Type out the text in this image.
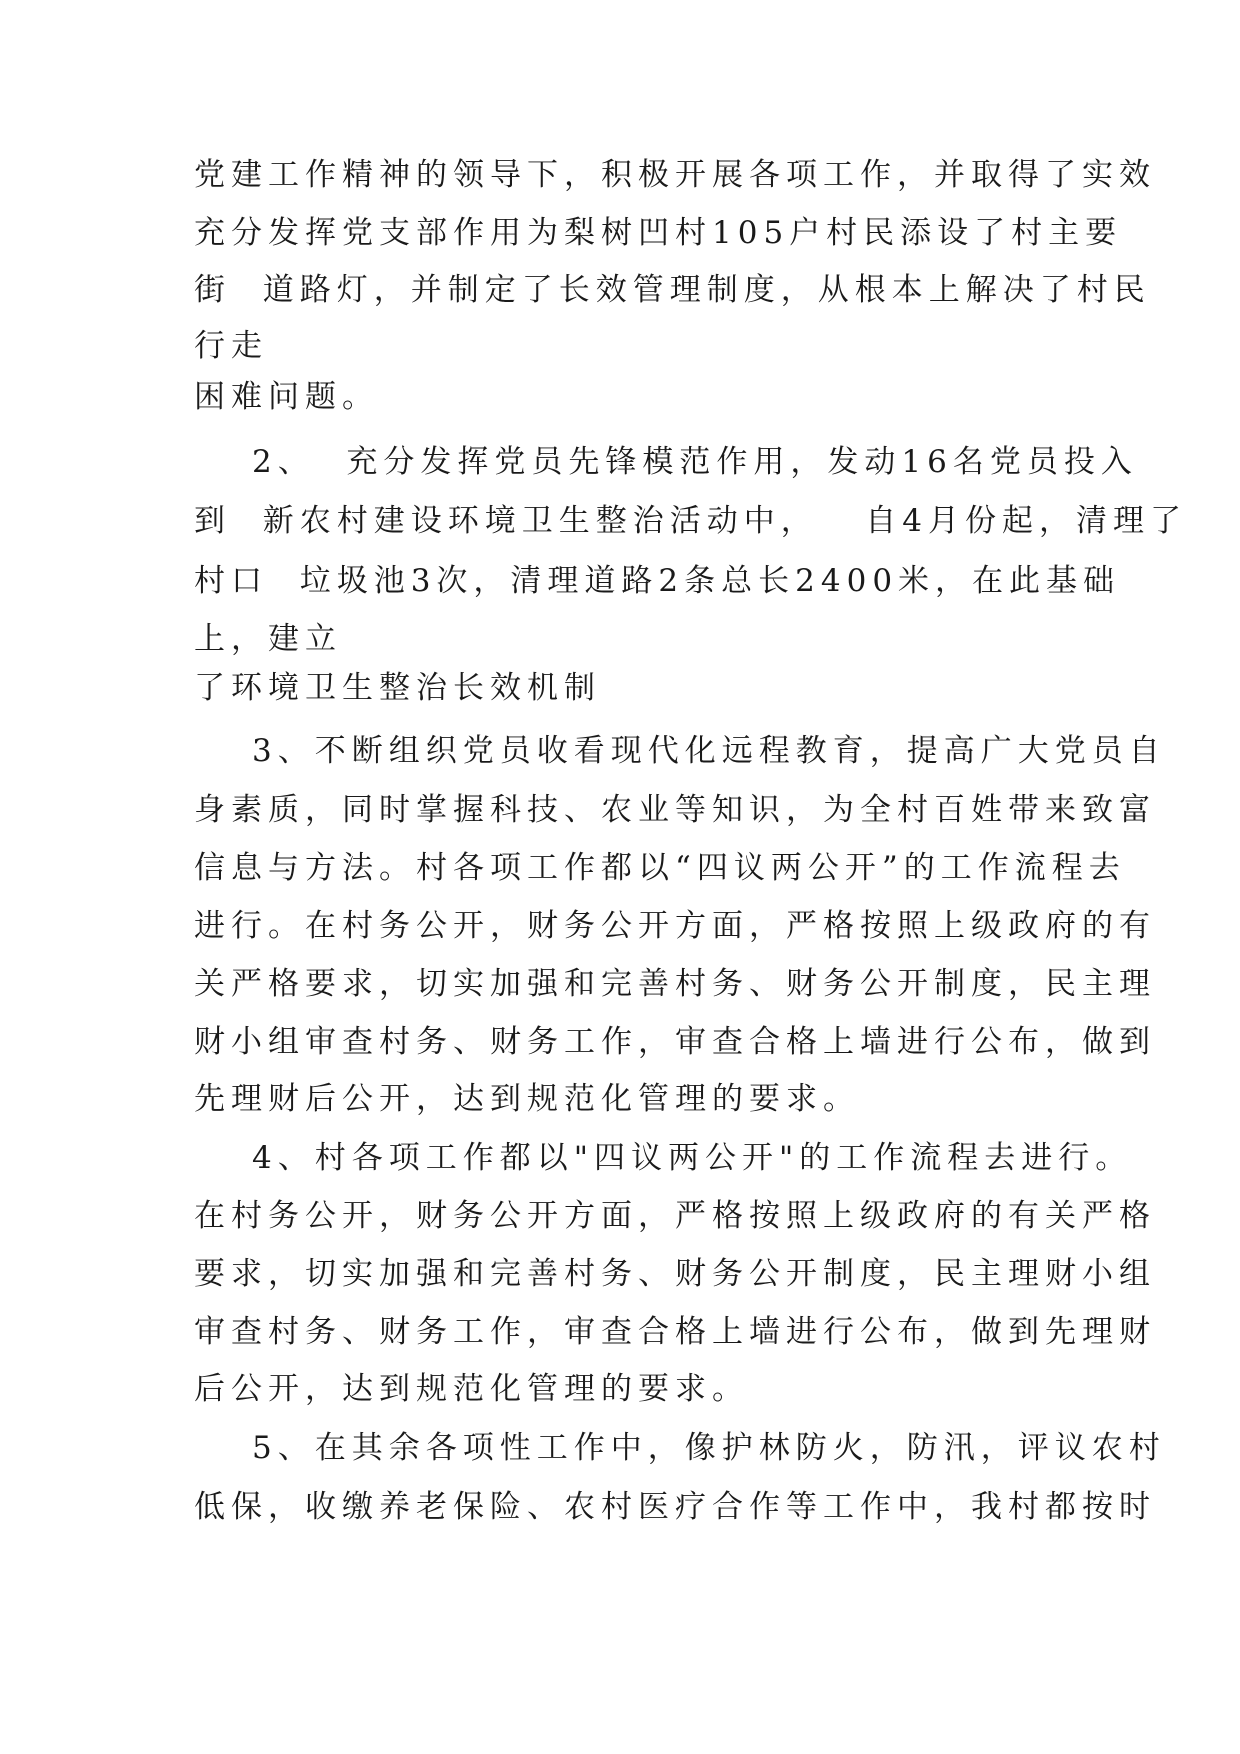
党建工作精神的领导下，积极开展各项工作，并取得了实效
充分发挥党支部作用为梨树凹村105户村民添设了村主要
街  道路灯，并制定了长效管理制度，从根本上解决了村民
行走
困难问题。
2、  充分发挥党员先锋模范作用，发动16名党员投入
到  新农村建设环境卫生整治活动中，   自4月份起，清理了
村口  垃圾池3次，清理道路2条总长2400米，在此基础
上，建立
了环境卫生整治长效机制
3、不断组织党员收看现代化远程教育，提高广大党员自
身素质，同时掌握科技、农业等知识，为全村百姓带来致富
信息与方法。村各项工作都以“四议两公开”的工作流程去
进行。在村务公开，财务公开方面，严格按照上级政府的有
关严格要求，切实加强和完善村务、财务公开制度，民主理
财小组审查村务、财务工作，审查合格上墙进行公布，做到
先理财后公开，达到规范化管理的要求。
4、村各项工作都以"四议两公开"的工作流程去进行。
在村务公开，财务公开方面，严格按照上级政府的有关严格
要求，切实加强和完善村务、财务公开制度，民主理财小组
审查村务、财务工作，审查合格上墙进行公布，做到先理财
后公开，达到规范化管理的要求。
5、在其余各项性工作中，像护林防火，防汛，评议农村
低保，收缴养老保险、农村医疗合作等工作中，我村都按时
